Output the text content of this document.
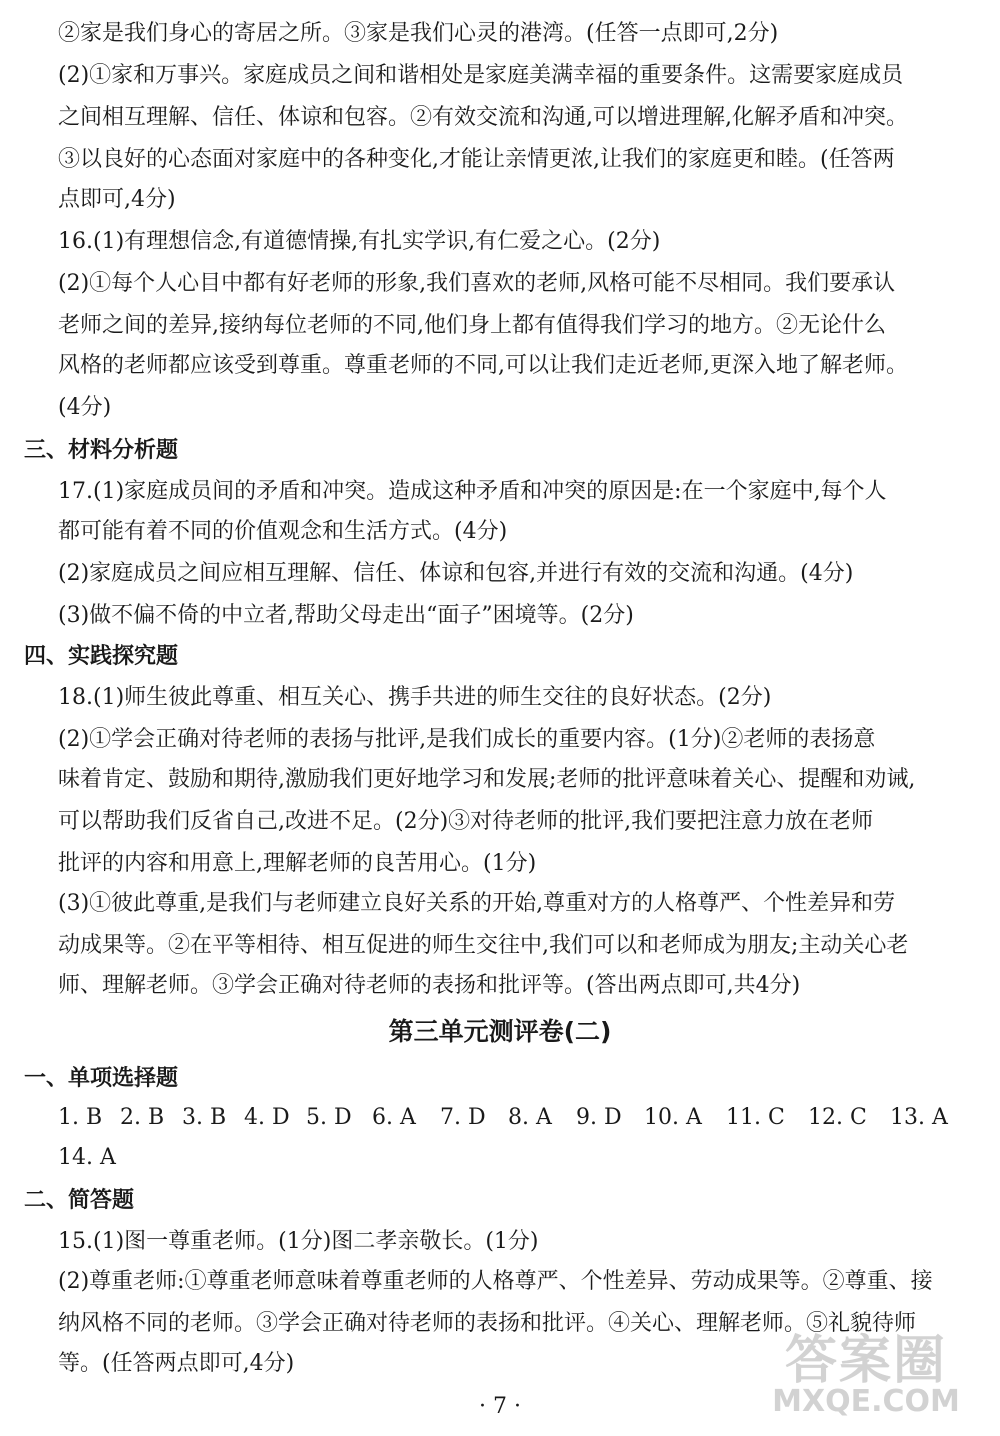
②家是我们身心的寄居之所。③家是我们心灵的港湾。(任答一点即可,2分)
(2)①家和万事兴。家庭成员之间和谐相处是家庭美满幸福的重要条件。这需要家庭成员
之间相互理解、信任、体谅和包容。②有效交流和沟通,可以增进理解,化解矛盾和冲突。
③以良好的心态面对家庭中的各种变化,才能让亲情更浓,让我们的家庭更和睦。(任答两
点即可,4分)
16.(1)有理想信念,有道德情操,有扎实学识,有仁爱之心。(2分)
(2)①每个人心目中都有好老师的形象,我们喜欢的老师,风格可能不尽相同。我们要承认
老师之间的差异,接纳每位老师的不同,他们身上都有值得我们学习的地方。②无论什么
风格的老师都应该受到尊重。尊重老师的不同,可以让我们走近老师,更深入地了解老师。
(4分)
三、材料分析题
17.(1)家庭成员间的矛盾和冲突。造成这种矛盾和冲突的原因是:在一个家庭中,每个人
都可能有着不同的价值观念和生活方式。(4分)
(2)家庭成员之间应相互理解、信任、体谅和包容,并进行有效的交流和沟通。(4分)
(3)做不偏不倚的中立者,帮助父母走出“面子”困境等。(2分)
四、实践探究题
18.(1)师生彼此尊重、相互关心、携手共进的师生交往的良好状态。(2分)
(2)①学会正确对待老师的表扬与批评,是我们成长的重要内容。(1分)②老师的表扬意
味着肯定、鼓励和期待,激励我们更好地学习和发展;老师的批评意味着关心、提醒和劝诫,
可以帮助我们反省自己,改进不足。(2分)③对待老师的批评,我们要把注意力放在老师
批评的内容和用意上,理解老师的良苦用心。(1分)
(3)①彼此尊重,是我们与老师建立良好关系的开始,尊重对方的人格尊严、个性差异和劳
动成果等。②在平等相待、相互促进的师生交往中,我们可以和老师成为朋友;主动关心老
师、理解老师。③学会正确对待老师的表扬和批评等。(答出两点即可,共4分)
第三单元测评卷(二)
一、单项选择题
1. B 2. B 3. B 4. D 5. D 6. A	7. D	8. A	9. D	10. A	11. C	12. C	13. A
14. A
二、简答题
15.(1)图一尊重老师。(1分)图二孝亲敬长。(1分)
(2)尊重老师:①尊重老师意味着尊重老师的人格尊严、个性差异、劳动成果等。②尊重、接
纳风格不同的老师。③学会正确对待老师的表扬和批评。④关心、理解老师。⑤礼貌待师
等。(任答两点即可,4分)
· 7 ·
答案圈
MXQE.COM
